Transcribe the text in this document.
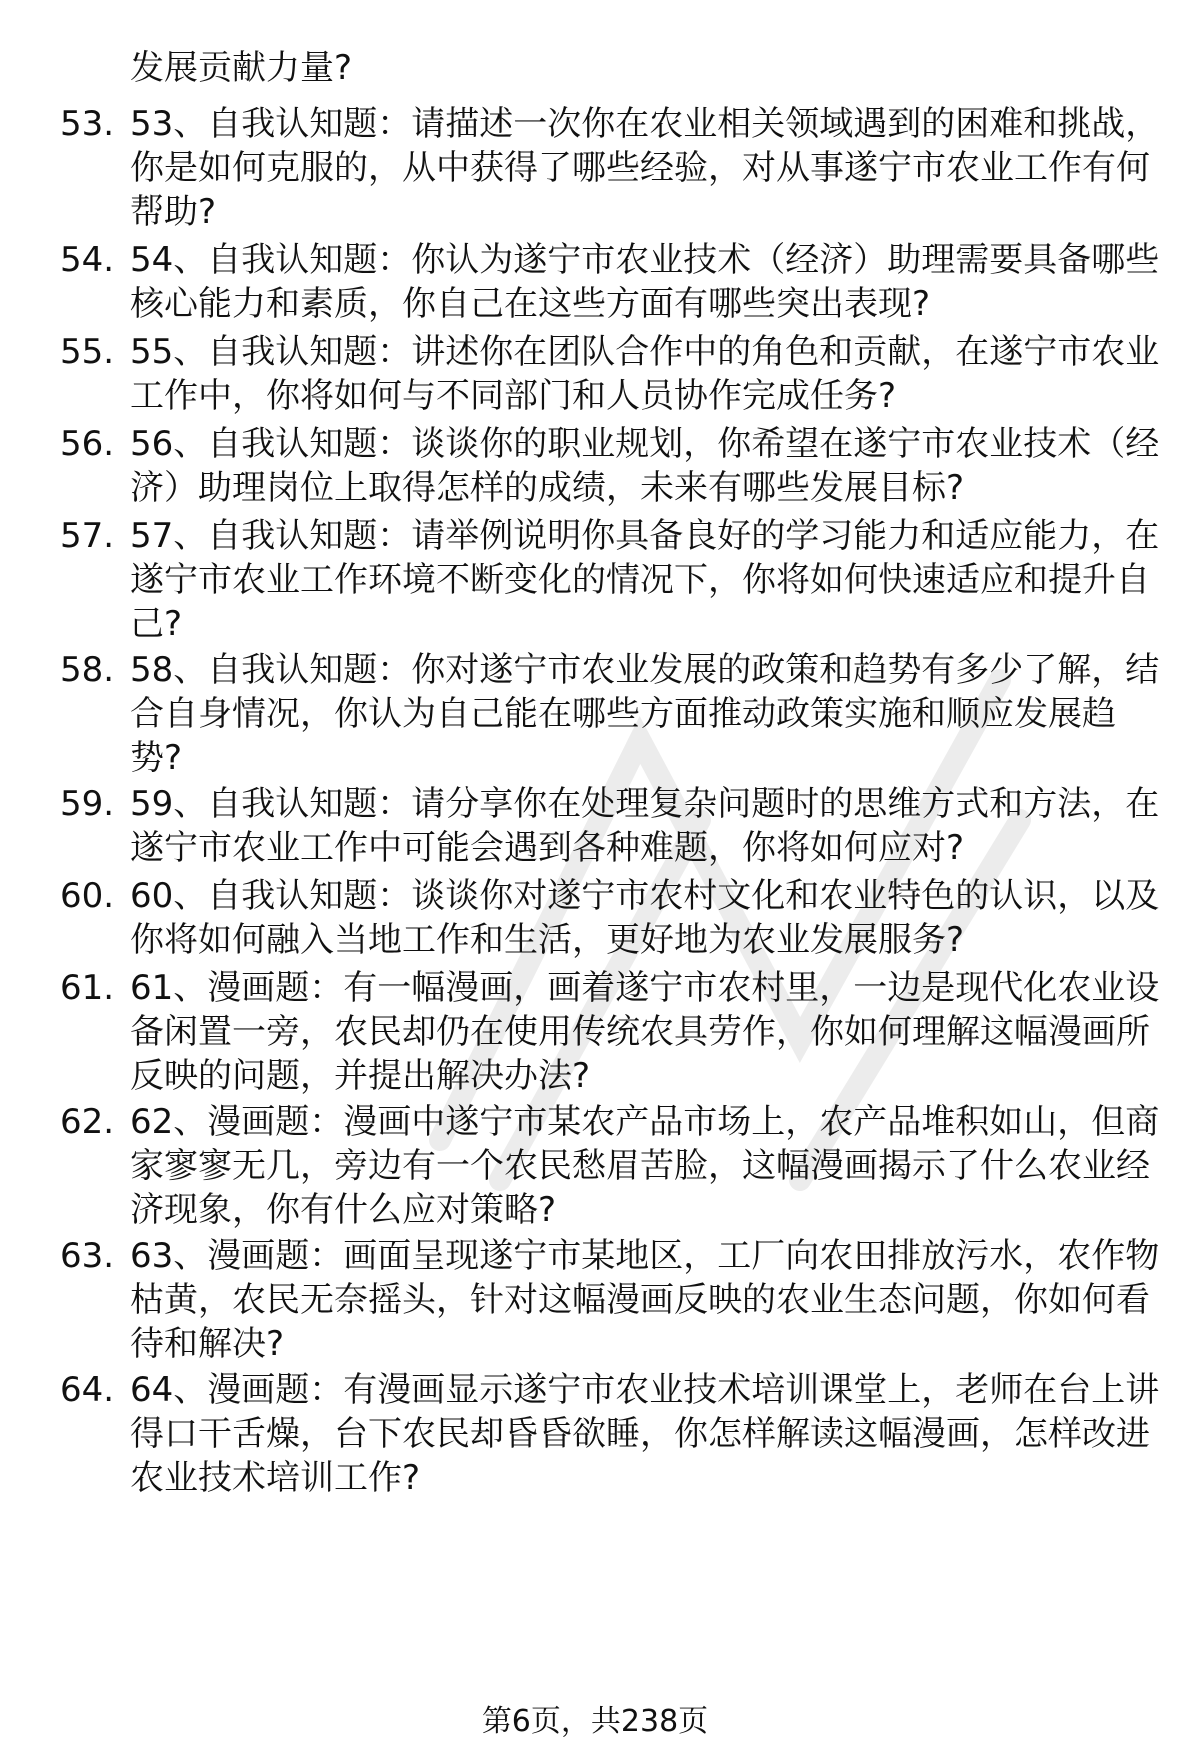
发展贡献力量?

53. 53、自我认知题：请描述一次你在农业相关领域遇到的困难和挑战，你是如何克服的，从中获得了哪些经验，对从事遂宁市农业工作有何帮助?

54. 54、自我认知题：你认为遂宁市农业技术（经济）助理需要具备哪些核心能力和素质，你自己在这些方面有哪些突出表现?

55. 55、自我认知题：讲述你在团队合作中的角色和贡献，在遂宁市农业工作中，你将如何与不同部门和人员协作完成任务?

56. 56、自我认知题：谈谈你的职业规划，你希望在遂宁市农业技术（经济）助理岗位上取得怎样的成绩，未来有哪些发展目标?

57. 57、自我认知题：请举例说明你具备良好的学习能力和适应能力，在遂宁市农业工作环境不断变化的情况下，你将如何快速适应和提升自己?

58. 58、自我认知题：你对遂宁市农业发展的政策和趋势有多少了解，结合自身情况，你认为自己能在哪些方面推动政策实施和顺应发展趋势?

59. 59、自我认知题：请分享你在处理复杂问题时的思维方式和方法，在遂宁市农业工作中可能会遇到各种难题，你将如何应对?

60. 60、自我认知题：谈谈你对遂宁市农村文化和农业特色的认识，以及你将如何融入当地工作和生活，更好地为农业发展服务?

61. 61、漫画题：有一幅漫画，画着遂宁市农村里，一边是现代化农业设备闲置一旁，农民却仍在使用传统农具劳作，你如何理解这幅漫画所反映的问题，并提出解决办法?

62. 62、漫画题：漫画中遂宁市某农产品市场上，农产品堆积如山，但商家寥寥无几，旁边有一个农民愁眉苦脸，这幅漫画揭示了什么农业经济现象，你有什么应对策略?

63. 63、漫画题：画面呈现遂宁市某地区，工厂向农田排放污水，农作物枯黄，农民无奈摇头，针对这幅漫画反映的农业生态问题，你如何看待和解决?

64. 64、漫画题：有漫画显示遂宁市农业技术培训课堂上，老师在台上讲得口干舌燥，台下农民却昏昏欲睡，你怎样解读这幅漫画，怎样改进农业技术培训工作?

第6页，共238页
